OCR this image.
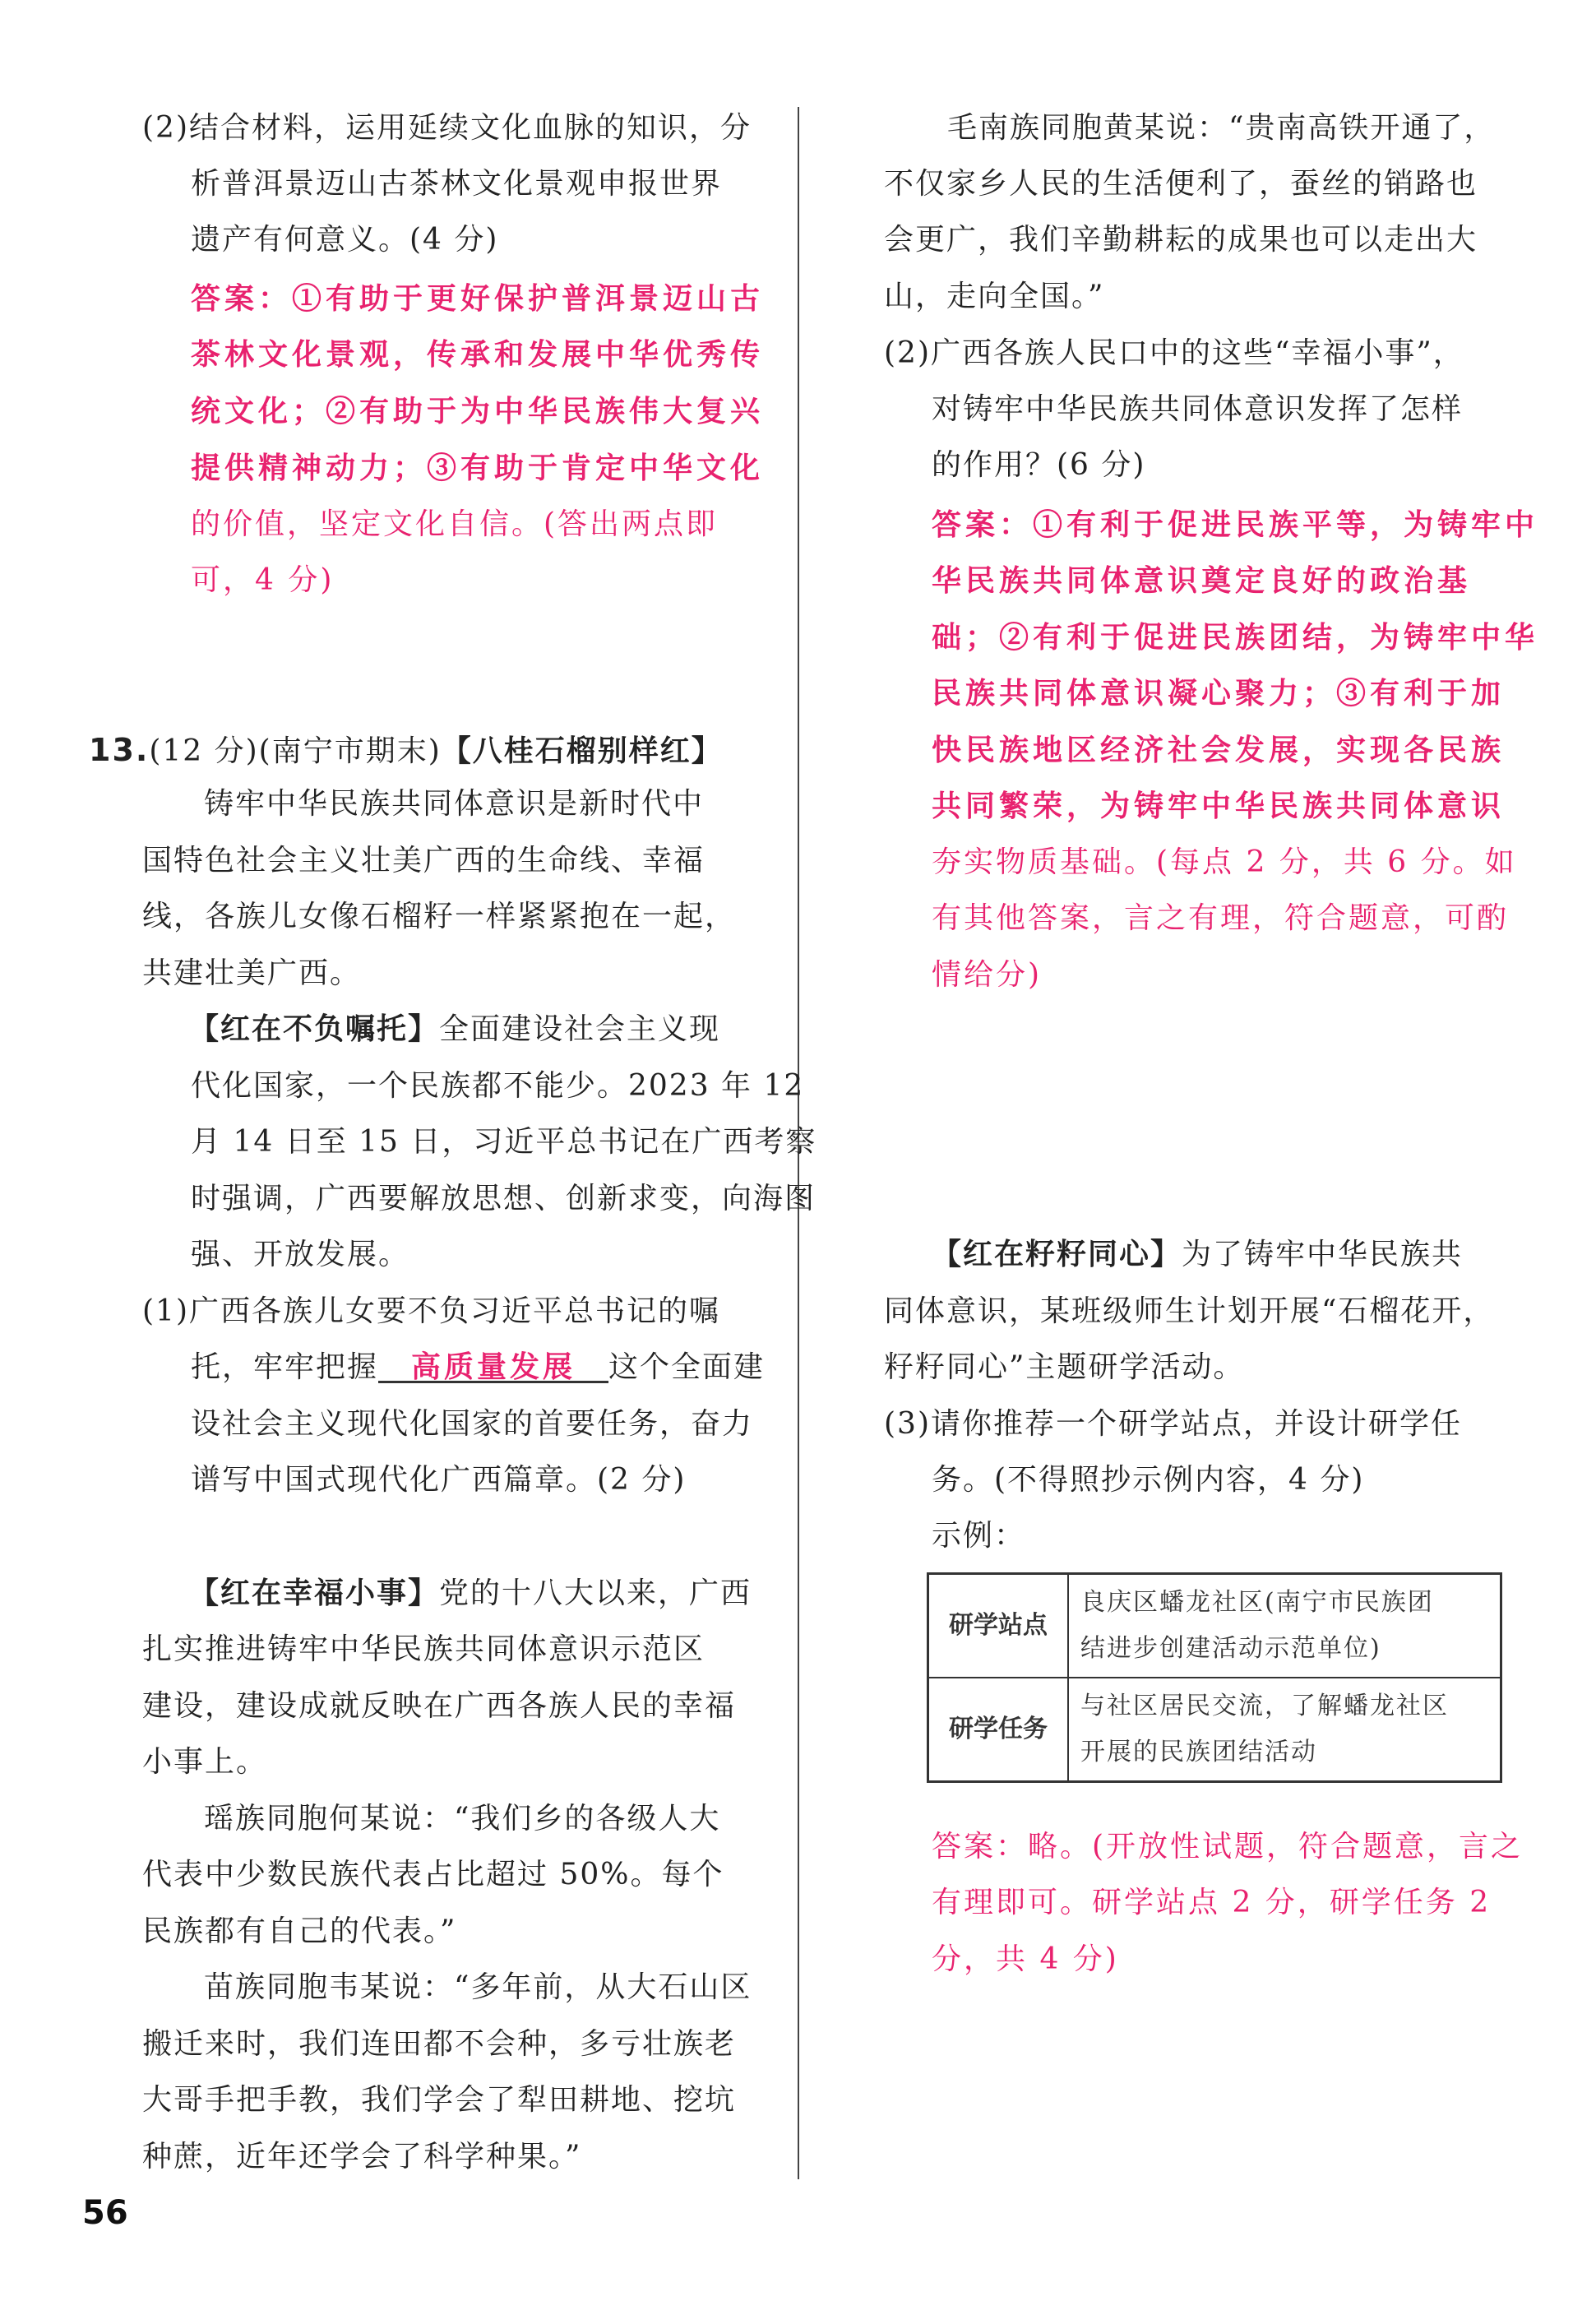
(2)结合材料，运用延续文化血脉的知识，分
析普洱景迈山古茶林文化景观申报世界
遗产有何意义。(4 分)
答案：①有助于更好保护普洱景迈山古
茶林文化景观，传承和发展中华优秀传
统文化；②有助于为中华民族伟大复兴
提供精神动力；③有助于肯定中华文化
的价值，坚定文化自信。(答出两点即
可，4 分)
13.(12 分)(南宁市期末)【八桂石榴别样红】
铸牢中华民族共同体意识是新时代中
国特色社会主义壮美广西的生命线、幸福
线，各族儿女像石榴籽一样紧紧抱在一起，
共建壮美广西。
【红在不负嘱托】全面建设社会主义现
代化国家，一个民族都不能少。2023 年 12
月 14 日至 15 日，习近平总书记在广西考察
时强调，广西要解放思想、创新求变，向海图
强、开放发展。
(1)广西各族儿女要不负习近平总书记的嘱
托，牢牢把握 高质量发展 这个全面建
设社会主义现代化国家的首要任务，奋力
谱写中国式现代化广西篇章。(2 分)
【红在幸福小事】党的十八大以来，广西
扎实推进铸牢中华民族共同体意识示范区
建设，建设成就反映在广西各族人民的幸福
小事上。
瑶族同胞何某说：“我们乡的各级人大
代表中少数民族代表占比超过 50%。每个
民族都有自己的代表。”
苗族同胞韦某说：“多年前，从大石山区
搬迁来时，我们连田都不会种，多亏壮族老
大哥手把手教，我们学会了犁田耕地、挖坑
种蔗，近年还学会了科学种果。”
毛南族同胞黄某说：“贵南高铁开通了，
不仅家乡人民的生活便利了，蚕丝的销路也
会更广，我们辛勤耕耘的成果也可以走出大
山，走向全国。”
(2)广西各族人民口中的这些“幸福小事”，
对铸牢中华民族共同体意识发挥了怎样
的作用？(6 分)
答案：①有利于促进民族平等，为铸牢中
华民族共同体意识奠定良好的政治基
础；②有利于促进民族团结，为铸牢中华
民族共同体意识凝心聚力；③有利于加
快民族地区经济社会发展，实现各民族
共同繁荣，为铸牢中华民族共同体意识
夯实物质基础。(每点 2 分，共 6 分。如
有其他答案，言之有理，符合题意，可酌
情给分)
【红在籽籽同心】为了铸牢中华民族共
同体意识，某班级师生计划开展“石榴花开，
籽籽同心”主题研学活动。
(3)请你推荐一个研学站点，并设计研学任
务。(不得照抄示例内容，4 分)
示例：
研学站点	良庆区蟠龙社区(南宁市民族团
结进步创建活动示范单位)

研学任务	与社区居民交流，了解蟠龙社区
开展的民族团结活动
答案：略。(开放性试题，符合题意，言之
有理即可。研学站点 2 分，研学任务 2
分，共 4 分)
56
